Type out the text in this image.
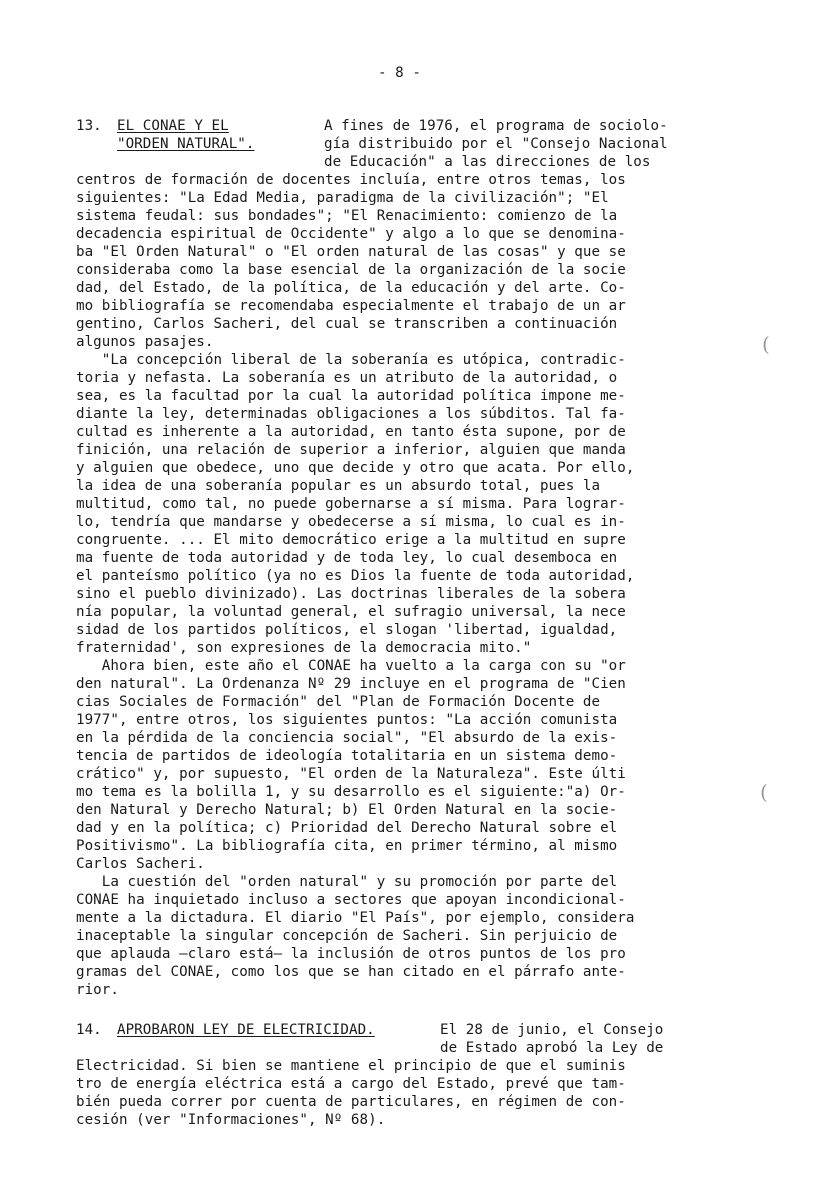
- 8 -
13. EL CONAE Y EL
"ORDEN NATURAL".
A fines de 1976, el programa de sociolo-
gía distribuido por el "Consejo Nacional
de Educación" a las direcciones de los
centros de formación de docentes incluía, entre otros temas, los
siguientes: "La Edad Media, paradigma de la civilización"; "El
sistema feudal: sus bondades"; "El Renacimiento: comienzo de la
decadencia espiritual de Occidente" y algo a lo que se denomina-
ba "El Orden Natural" o "El orden natural de las cosas" y que se
consideraba como la base esencial de la organización de la socie
dad, del Estado, de la política, de la educación y del arte. Co-
mo bibliografía se recomendaba especialmente el trabajo de un ar
gentino, Carlos Sacheri, del cual se transcriben a continuación
algunos pasajes.
"La concepción liberal de la soberanía es utópica, contradic-
toria y nefasta. La soberanía es un atributo de la autoridad, o
sea, es la facultad por la cual la autoridad política impone me-
diante la ley, determinadas obligaciones a los súbditos. Tal fa-
cultad es inherente a la autoridad, en tanto ésta supone, por de
finición, una relación de superior a inferior, alguien que manda
y alguien que obedece, uno que decide y otro que acata. Por ello,
la idea de una soberanía popular es un absurdo total, pues la
multitud, como tal, no puede gobernarse a sí misma. Para lograr-
lo, tendría que mandarse y obedecerse a sí misma, lo cual es in-
congruente. ... El mito democrático erige a la multitud en supre
ma fuente de toda autoridad y de toda ley, lo cual desemboca en
el panteísmo político (ya no es Dios la fuente de toda autoridad,
sino el pueblo divinizado). Las doctrinas liberales de la sobera
nía popular, la voluntad general, el sufragio universal, la nece
sidad de los partidos políticos, el slogan 'libertad, igualdad,
fraternidad', son expresiones de la democracia mito."
Ahora bien, este año el CONAE ha vuelto a la carga con su "or
den natural". La Ordenanza Nº 29 incluye en el programa de "Cien
cias Sociales de Formación" del "Plan de Formación Docente de
1977", entre otros, los siguientes puntos: "La acción comunista
en la pérdida de la conciencia social", "El absurdo de la exis-
tencia de partidos de ideología totalitaria en un sistema demo-
crático" y, por supuesto, "El orden de la Naturaleza". Este últi
mo tema es la bolilla 1, y su desarrollo es el siguiente:"a) Or-
den Natural y Derecho Natural; b) El Orden Natural en la socie-
dad y en la política; c) Prioridad del Derecho Natural sobre el
Positivismo". La bibliografía cita, en primer término, al mismo
Carlos Sacheri.
La cuestión del "orden natural" y su promoción por parte del
CONAE ha inquietado incluso a sectores que apoyan incondicional-
mente a la dictadura. El diario "El País", por ejemplo, considera
inaceptable la singular concepción de Sacheri. Sin perjuicio de
que aplauda —claro está— la inclusión de otros puntos de los pro
gramas del CONAE, como los que se han citado en el párrafo ante-
rior.
14. APROBARON LEY DE ELECTRICIDAD.	El 28 de junio, el Consejo
de Estado aprobó la Ley de
Electricidad. Si bien se mantiene el principio de que el suminis
tro de energía eléctrica está a cargo del Estado, prevé que tam-
bién pueda correr por cuenta de particulares, en régimen de con-
cesión (ver "Informaciones", Nº 68).
(
(
